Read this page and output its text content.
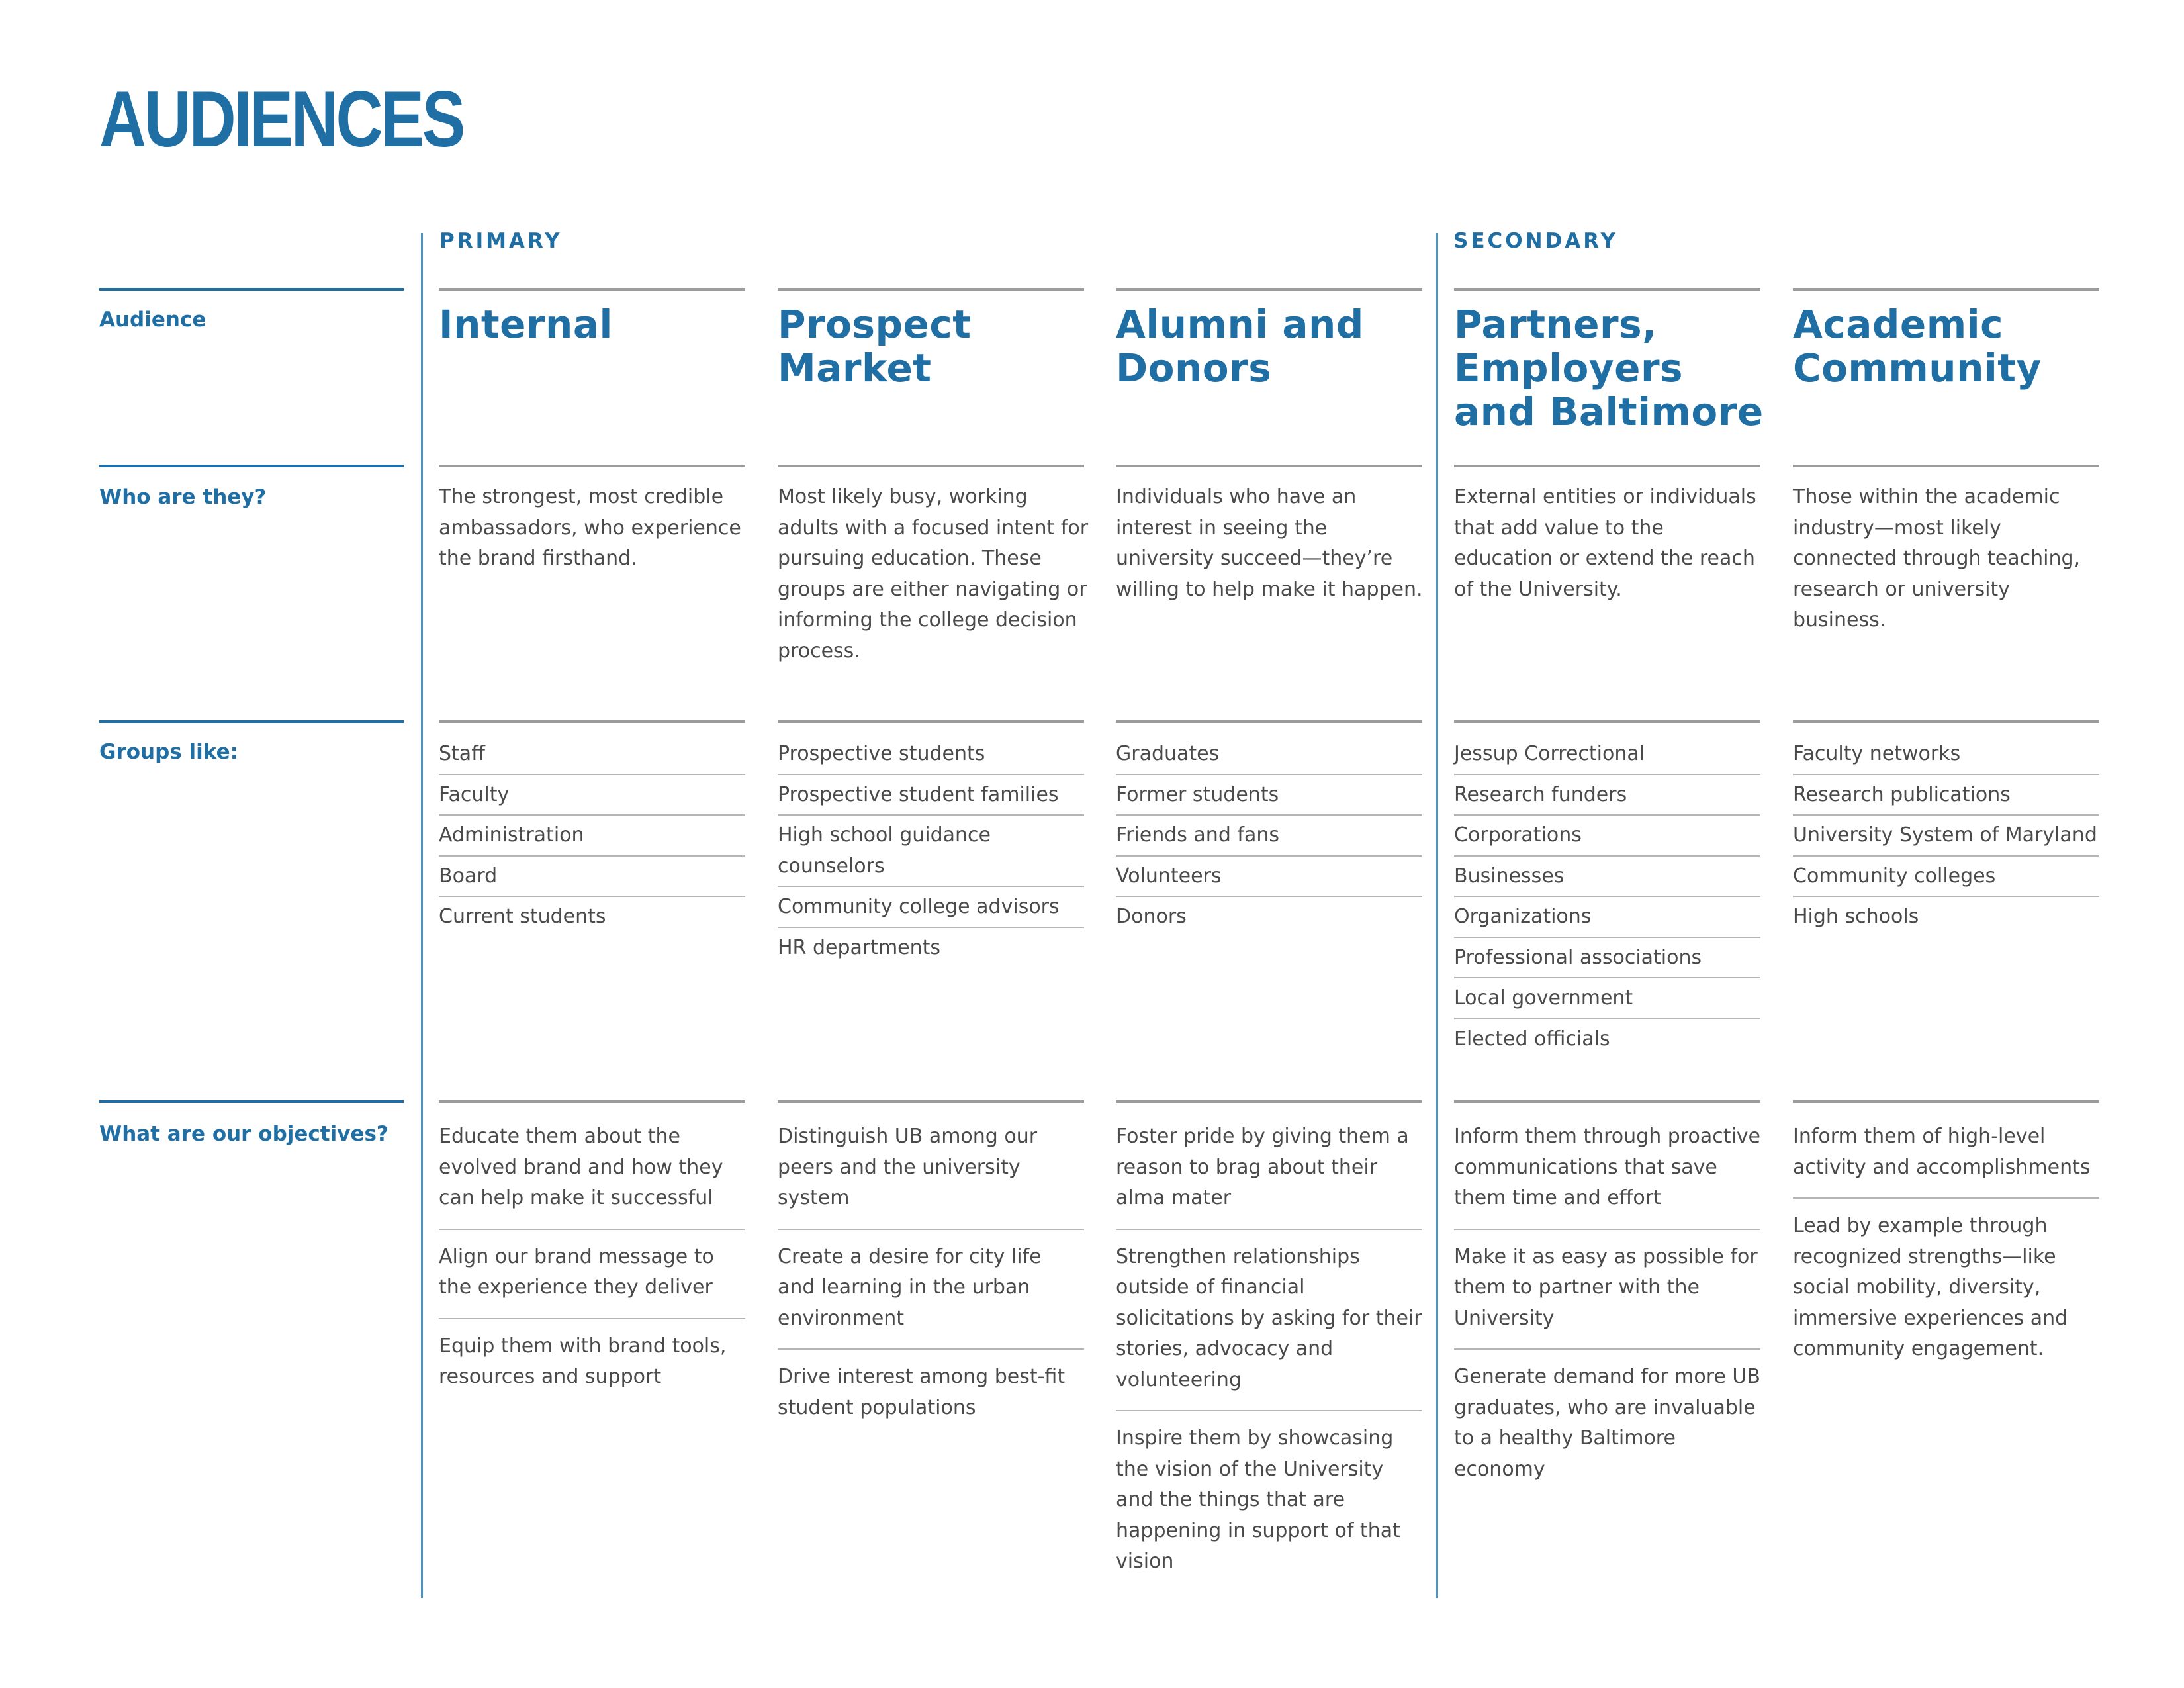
AUDIENCES

PRIMARY	SECONDARY

Audience

Who are they?

Groups like:

What are our objectives?

Internal

The strongest, most credible ambassadors, who experience the brand firsthand.

Staff
Faculty
Administration
Board
Current students
Educate them about the evolved brand and how they can help make it successful
Align our brand message to the experience they deliver
Equip them with brand tools, resources and support
Prospect
Market

Most likely busy, working adults with a focused intent for pursuing education. These groups are either navigating or informing the college decision process.

Prospective students
Prospective student families
High school guidance counselors
Community college advisors
HR departments
Distinguish UB among our peers and the university system
Create a desire for city life and learning in the urban environment
Drive interest among best-fit student populations
Alumni and
Donors

Individuals who have an interest in seeing the university succeed—they’re willing to help make it happen.

Graduates
Former students
Friends and fans
Volunteers
Donors
Foster pride by giving them a reason to brag about their alma mater
Strengthen relationships outside of financial solicitations by asking for their stories, advocacy and volunteering
Inspire them by showcasing the vision of the University and the things that are happening in support of that vision
Partners,
Employers
and Baltimore

External entities or individuals that add value to the education or extend the reach of the University.

Jessup Correctional
Research funders
Corporations
Businesses
Organizations
Professional associations
Local government
Elected officials
Inform them through proactive communications that save them time and effort
Make it as easy as possible for them to partner with the University
Generate demand for more UB graduates, who are invaluable to a healthy Baltimore economy
Academic
Community

Those within the academic industry—most likely connected through teaching, research or university business.

Faculty networks
Research publications
University System of Maryland
Community colleges
High schools
Inform them of high-level activity and accomplishments
Lead by example through recognized strengths—like social mobility, diversity, immersive experiences and community engagement.
